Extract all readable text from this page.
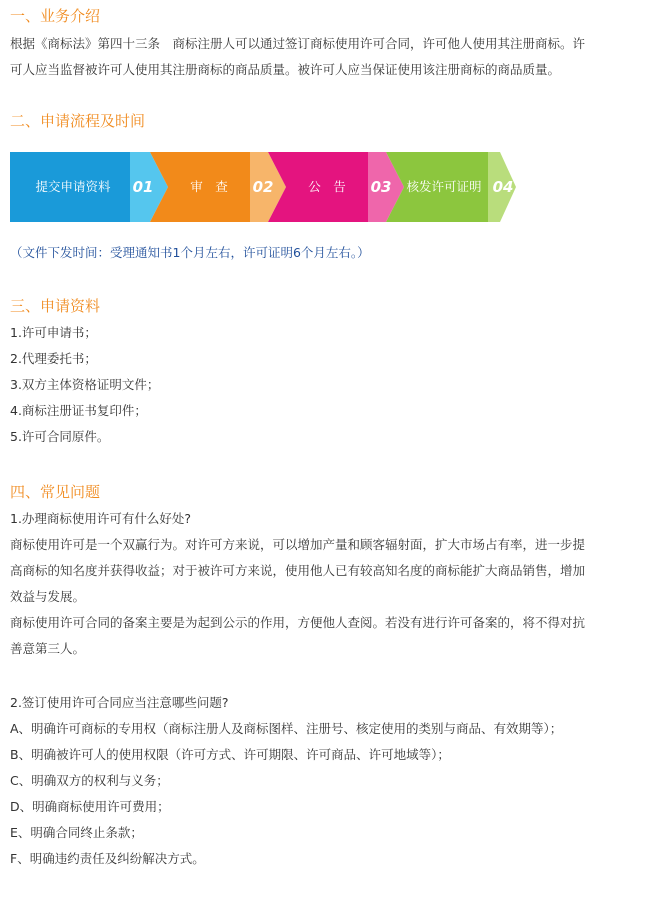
一、业务介绍

根据《商标法》第四十三条　商标注册人可以通过签订商标使用许可合同，许可他人使用其注册商标。许

可人应当监督被许可人使用其注册商标的商品质量。被许可人应当保证使用该注册商标的商品质量。

二、申请流程及时间
提交申请资料	01	审　查	02	公　告	03	核发许可证明 04

（文件下发时间：受理通知书1个月左右，许可证明6个月左右。）

三、申请资料

1.许可申请书；

2.代理委托书；

3.双方主体资格证明文件；

4.商标注册证书复印件；

5.许可合同原件。

四、常见问题

1.办理商标使用许可有什么好处?

商标使用许可是一个双赢行为。对许可方来说，可以增加产量和顾客辐射面，扩大市场占有率，进一步提

高商标的知名度并获得收益；对于被许可方来说，使用他人已有较高知名度的商标能扩大商品销售，增加

效益与发展。

商标使用许可合同的备案主要是为起到公示的作用，方便他人查阅。若没有进行许可备案的，将不得对抗

善意第三人。

2.签订使用许可合同应当注意哪些问题?

A、明确许可商标的专用权（商标注册人及商标图样、注册号、核定使用的类别与商品、有效期等）；

B、明确被许可人的使用权限（许可方式、许可期限、许可商品、许可地域等）；

C、明确双方的权利与义务；

D、明确商标使用许可费用；

E、明确合同终止条款；

F、明确违约责任及纠纷解决方式。
